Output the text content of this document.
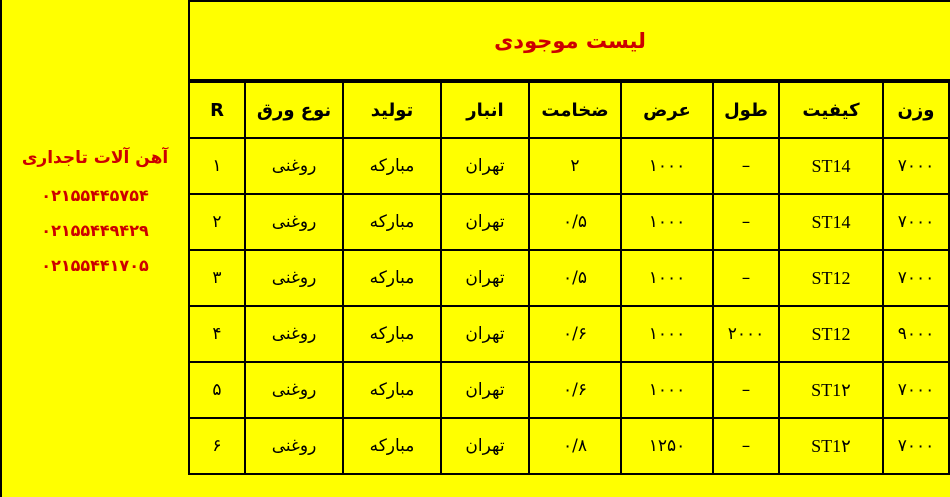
آهن آلات تاجداری
۰۲۱۵۵۴۴۵۷۵۴
۰۲۱۵۵۴۴۹۴۲۹
۰۲۱۵۵۴۴۱۷۰۵
لیست موجودی
وزن	کیفیت	طول	عرض	ضخامت	انبار	تولید	نوع ورق	R
۷۰۰۰	ST14	–	۱۰۰۰	۲	تهران	مبارکه	روغنی	۱
۷۰۰۰	ST14	–	۱۰۰۰	۰/۵	تهران	مبارکه	روغنی	۲
۷۰۰۰	ST12	–	۱۰۰۰	۰/۵	تهران	مبارکه	روغنی	۳
۹۰۰۰	ST12	۲۰۰۰	۱۰۰۰	۰/۶	تهران	مبارکه	روغنی	۴
۷۰۰۰	ST1۲	–	۱۰۰۰	۰/۶	تهران	مبارکه	روغنی	۵
۷۰۰۰	ST1۲	–	۱۲۵۰	۰/۸	تهران	مبارکه	روغنی	۶
